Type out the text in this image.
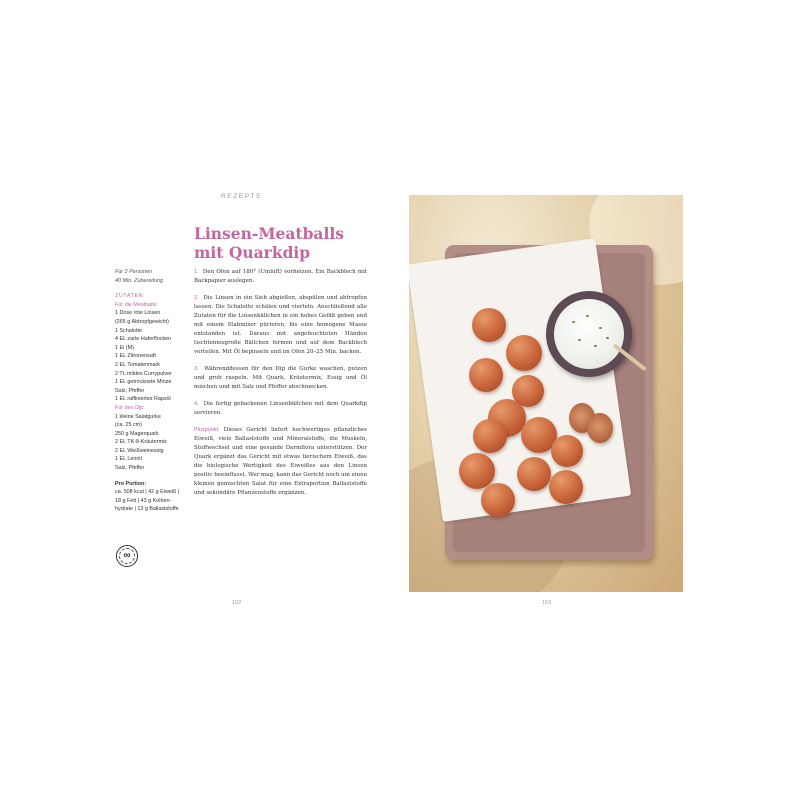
REZEPTE
Linsen-Meatballs
mit Quarkdip
Für 2 Personen
40 Min. Zubereitung
ZUTATEN
Für die Meatballs:
1 Dose rote Linsen
(265 g Abtropfgewicht)
1 Schalotte
4 EL zarte Haferflocken
1 Ei (M)
1 EL Zitronensaft
2 EL Tomatenmark
2 TL mildes Currypulver
1 EL getrocknete Minze
Salz, Pfeffer
1 EL raffiniertes Rapsöl
Für den Dip:
1 kleine Salatgurke
(ca. 25 cm)
250 g Magerquark
2 EL TK-8-Kräutermix
2 EL Weißweinessig
1 EL Leinöl
Salz, Pfeffer
Pro Portion:
ca. 508 kcal | 42 g Eiweiß |
18 g Fett | 43 g Kohlen-
hydrate | 13 g Ballaststoffe
∞

1. Den Ofen auf 180° (Umluft) vorheizen. Ein Backblech mit Backpapier auslegen.

2. Die Linsen in ein Sieb abgießen, abspülen und abtropfen lassen. Die Schalotte schälen und vierteln. Anschließend alle Zutaten für die Linsenbällchen in ein hohes Gefäß geben und mit einem Stabmixer pürieren, bis eine homogene Masse entstanden ist. Daraus mit angefeuchteten Händen tischtennisgroße Bällchen formen und auf dem Backblech verteilen. Mit Öl bepinseln und im Ofen 20–25 Min. backen.

3. Währenddessen für den Dip die Gurke waschen, putzen und grob raspeln. Mit Quark, Kräutermix, Essig und Öl mischen und mit Salz und Pfeffer abschmecken.

4. Die fertig gebackenen Linsenbällchen mit dem Quarkdip servieren.

Pluspunkt: Dieses Gericht liefert hochwertiges pflanzliches Eiweiß, viele Ballaststoffe und Mineralstoffe, die Muskeln, Stoffwechsel und eine gesunde Darmflora unterstützen. Der Quark ergänzt das Gericht mit etwas tierischem Eiweiß, das die biologische Wertigkeit des Eiweißes aus den Linsen positiv beeinflusst. Wer mag, kann das Gericht noch um einen kleinen gemischten Salat für eine Extraportion Ballaststoffe und sekundäre Pflanzenstoffe ergänzen.

162	163
